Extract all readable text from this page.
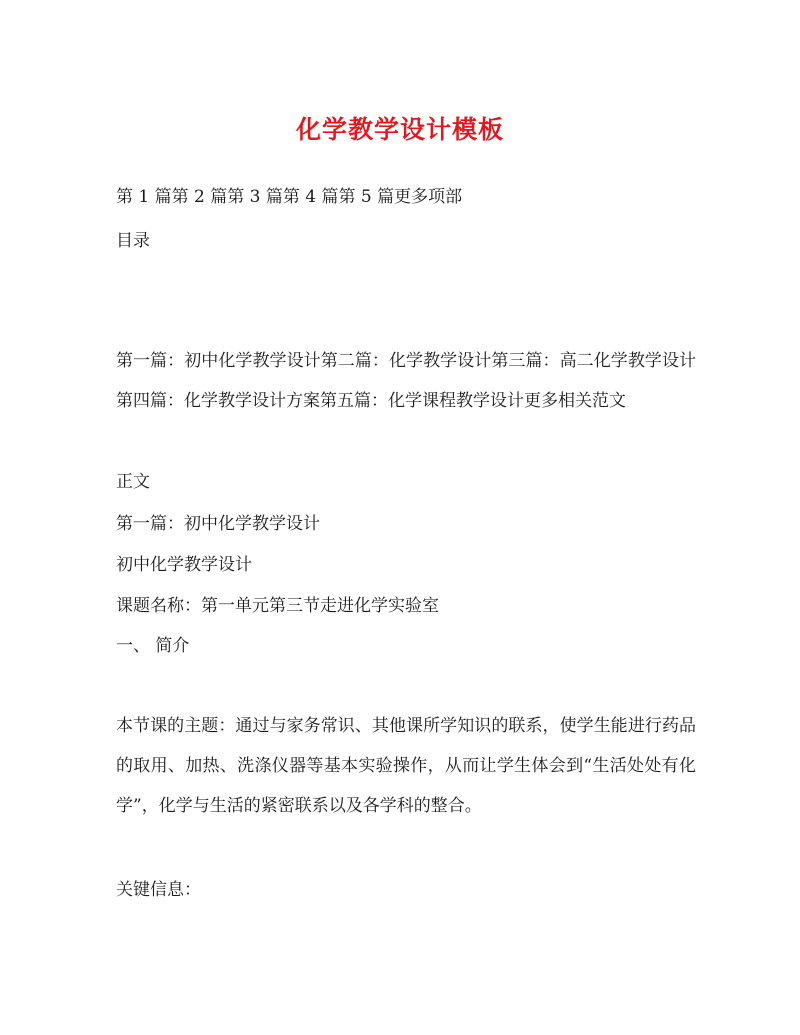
化学教学设计模板
第 1 篇第 2 篇第 3 篇第 4 篇第 5 篇更多项部
目录
第一篇：初中化学教学设计第二篇：化学教学设计第三篇：高二化学教学设计第四篇：化学教学设计方案第五篇：化学课程教学设计更多相关范文
正文
第一篇：初中化学教学设计
初中化学教学设计
课题名称：第一单元第三节走进化学实验室
一、 简介
本节课的主题：通过与家务常识、其他课所学知识的联系，使学生能进行药品的取用、加热、洗涤仪器等基本实验操作，从而让学生体会到“生活处处有化学”，化学与生活的紧密联系以及各学科的整合。
关键信息：
